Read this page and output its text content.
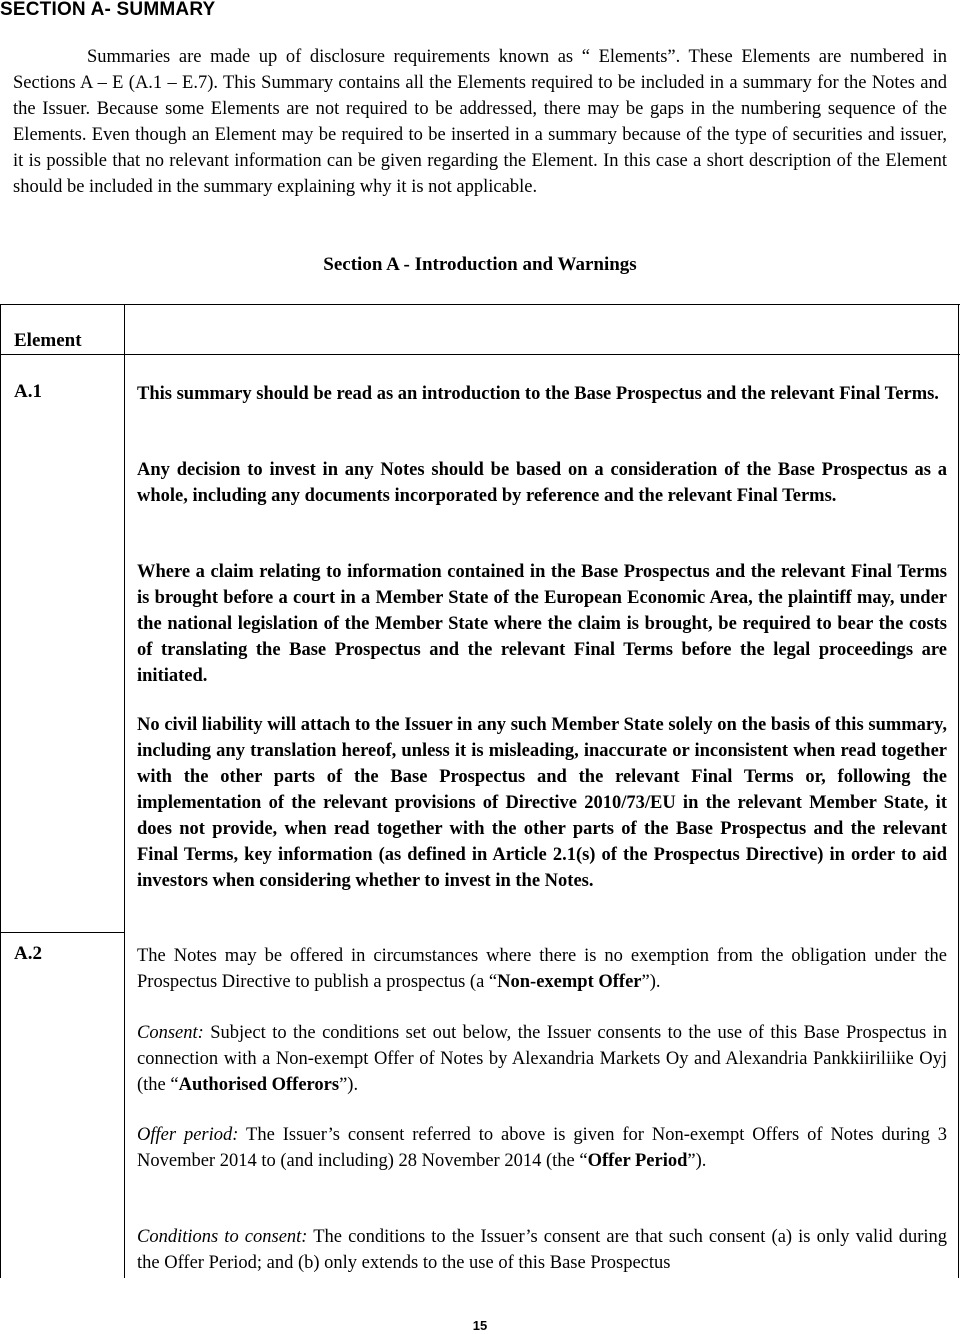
SECTION A- SUMMARY

Summaries are made up of disclosure requirements known as “ Elements”. These Elements are numbered in Sections A – E (A.1 – E.7). This Summary contains all the Elements required to be included in a summary for the Notes and the Issuer. Because some Elements are not required to be addressed, there may be gaps in the numbering sequence of the Elements. Even though an Element may be required to be inserted in a summary because of the type of securities and issuer, it is possible that no relevant information can be given regarding the Element. In this case a short description of the Element should be included in the summary explaining why it is not applicable.

Section A - Introduction and Warnings
Element
A.1	This summary should be read as an introduction to the Base Prospectus and the relevant Final Terms.

Any decision to invest in any Notes should be based on a consideration of the Base Prospectus as a whole, including any documents incorporated by reference and the relevant Final Terms.

Where a claim relating to information contained in the Base Prospectus and the relevant Final Terms is brought before a court in a Member State of the European Economic Area, the plaintiff may, under the national legislation of the Member State where the claim is brought, be required to bear the costs of translating the Base Prospectus and the relevant Final Terms before the legal proceedings are initiated.

No civil liability will attach to the Issuer in any such Member State solely on the basis of this summary, including any translation hereof, unless it is misleading, inaccurate or inconsistent when read together with the other parts of the Base Prospectus and the relevant Final Terms or, following the implementation of the relevant provisions of Directive 2010/73/EU in the relevant Member State, it does not provide, when read together with the other parts of the Base Prospectus and the relevant Final Terms, key information (as defined in Article 2.1(s) of the Prospectus Directive) in order to aid investors when considering whether to invest in the Notes.

A.2	The Notes may be offered in circumstances where there is no exemption from the obligation under the Prospectus Directive to publish a prospectus (a “Non-exempt Offer”).

Consent: Subject to the conditions set out below, the Issuer consents to the use of this Base Prospectus in connection with a Non-exempt Offer of Notes by Alexandria Markets Oy and Alexandria Pankkiiriliike Oyj (the “Authorised Offerors”).

Offer period: The Issuer’s consent referred to above is given for Non-exempt Offers of Notes during 3 November 2014 to (and including) 28 November 2014 (the “Offer Period”).

Conditions to consent: The conditions to the Issuer’s consent are that such consent (a) is only valid during the Offer Period; and (b) only extends to the use of this Base Prospectus

15
